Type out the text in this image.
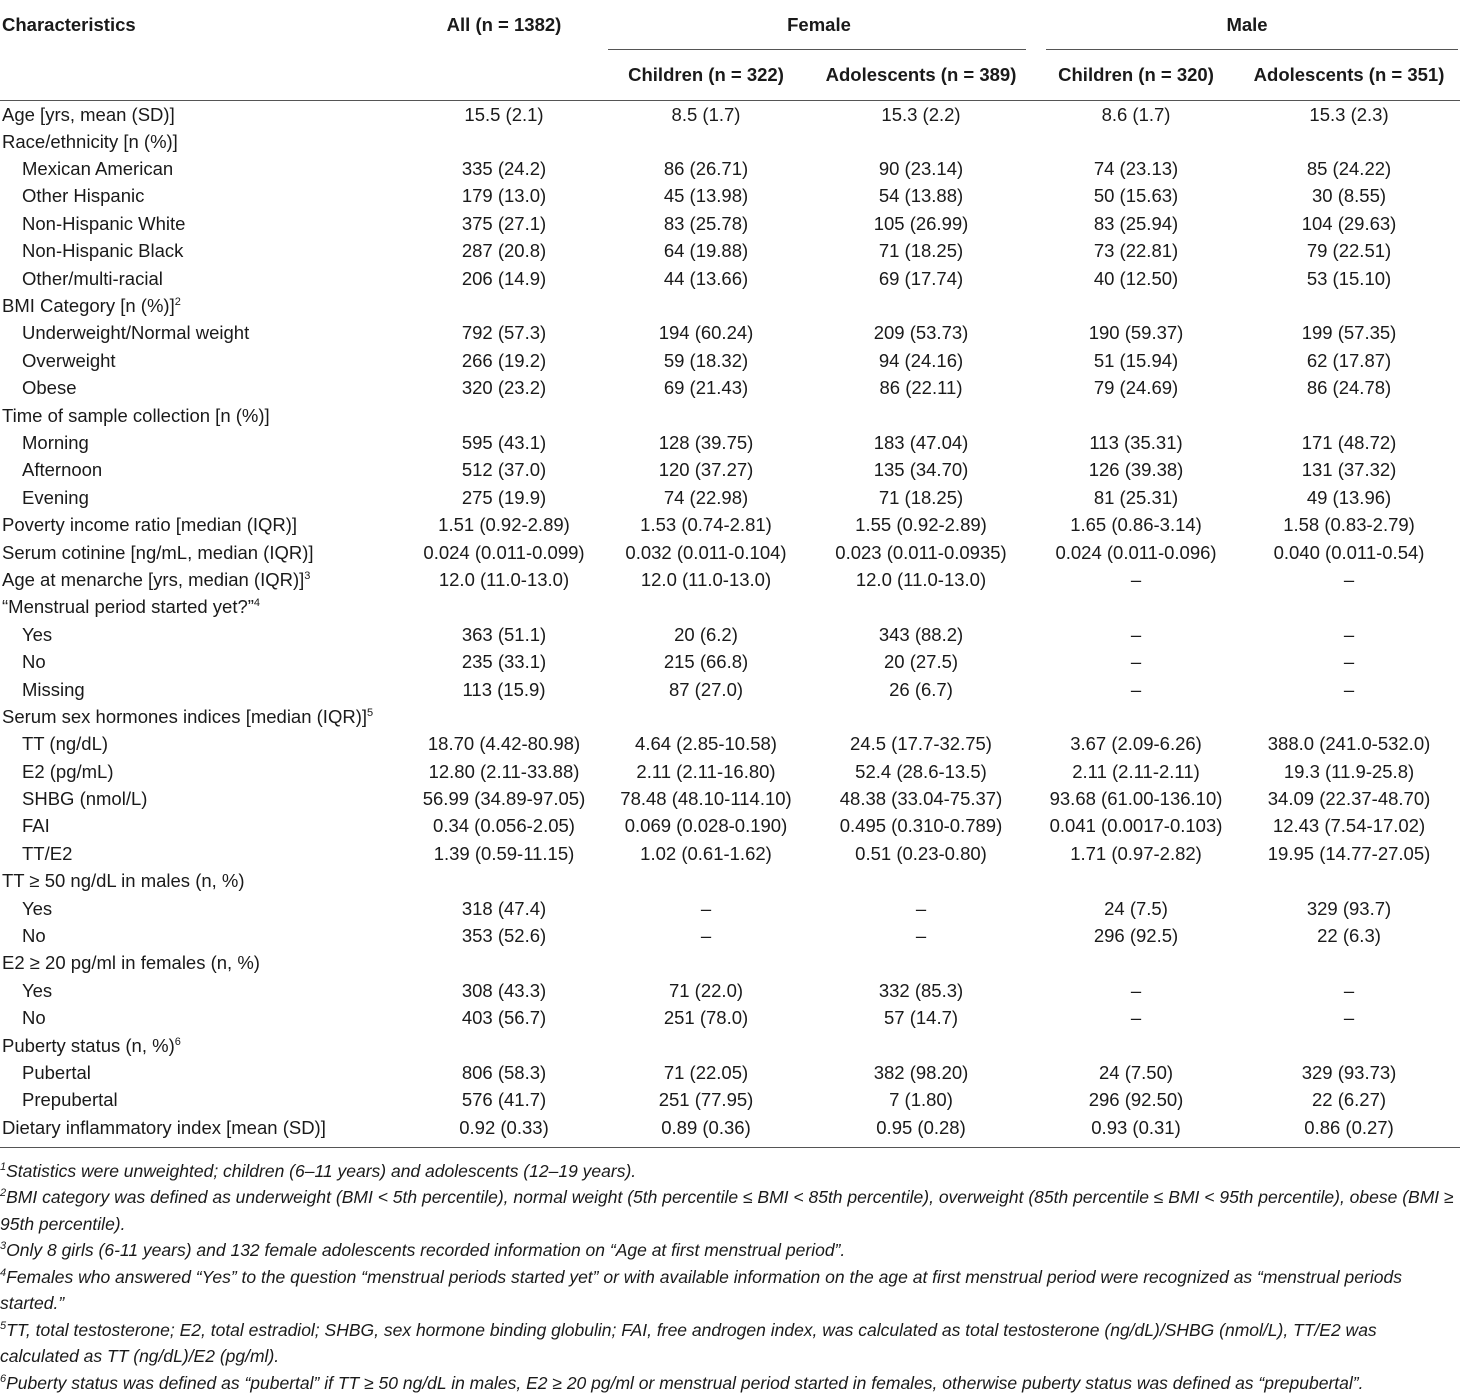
Characteristics	All (n = 1382)	Female		Male	
		Children (n = 322)	Adolescents (n = 389)	Children (n = 320)	Adolescents (n = 351)
Age [yrs, mean (SD)]	15.5 (2.1)	8.5 (1.7)	15.3 (2.2)	8.6 (1.7)	15.3 (2.3)
Race/ethnicity [n (%)]					
Mexican American	335 (24.2)	86 (26.71)	90 (23.14)	74 (23.13)	85 (24.22)
Other Hispanic	179 (13.0)	45 (13.98)	54 (13.88)	50 (15.63)	30 (8.55)
Non-Hispanic White	375 (27.1)	83 (25.78)	105 (26.99)	83 (25.94)	104 (29.63)
Non-Hispanic Black	287 (20.8)	64 (19.88)	71 (18.25)	73 (22.81)	79 (22.51)
Other/multi-racial	206 (14.9)	44 (13.66)	69 (17.74)	40 (12.50)	53 (15.10)
BMI Category [n (%)]$^2$					
Underweight/Normal weight	792 (57.3)	194 (60.24)	209 (53.73)	190 (59.37)	199 (57.35)
Overweight	266 (19.2)	59 (18.32)	94 (24.16)	51 (15.94)	62 (17.87)
Obese	320 (23.2)	69 (21.43)	86 (22.11)	79 (24.69)	86 (24.78)
Time of sample collection [n (%)]					
Morning	595 (43.1)	128 (39.75)	183 (47.04)	113 (35.31)	171 (48.72)
Afternoon	512 (37.0)	120 (37.27)	135 (34.70)	126 (39.38)	131 (37.32)
Evening	275 (19.9)	74 (22.98)	71 (18.25)	81 (25.31)	49 (13.96)
Poverty income ratio [median (IQR)]	1.51 (0.92-2.89)	1.53 (0.74-2.81)	1.55 (0.92-2.89)	1.65 (0.86-3.14)	1.58 (0.83-2.79)
Serum cotinine [ng/mL, median (IQR)]	0.024 (0.011-0.099)	0.032 (0.011-0.104)	0.023 (0.011-0.0935)	0.024 (0.011-0.096)	0.040 (0.011-0.54)
Age at menarche [yrs, median (IQR)]$^3$	12.0 (11.0-13.0)	12.0 (11.0-13.0)	12.0 (11.0-13.0)	–	–
“Menstrual period started yet?”$^4$					
Yes	363 (51.1)	20 (6.2)	343 (88.2)	–	–
No	235 (33.1)	215 (66.8)	20 (27.5)	–	–
Missing	113 (15.9)	87 (27.0)	26 (6.7)	–	–
Serum sex hormones indices [median (IQR)]$^5$					
TT (ng/dL)	18.70 (4.42-80.98)	4.64 (2.85-10.58)	24.5 (17.7-32.75)	3.67 (2.09-6.26)	388.0 (241.0-532.0)
E2 (pg/mL)	12.80 (2.11-33.88)	2.11 (2.11-16.80)	52.4 (28.6-13.5)	2.11 (2.11-2.11)	19.3 (11.9-25.8)
SHBG (nmol/L)	56.99 (34.89-97.05)	78.48 (48.10-114.10)	48.38 (33.04-75.37)	93.68 (61.00-136.10)	34.09 (22.37-48.70)
FAI	0.34 (0.056-2.05)	0.069 (0.028-0.190)	0.495 (0.310-0.789)	0.041 (0.0017-0.103)	12.43 (7.54-17.02)
TT/E2	1.39 (0.59-11.15)	1.02 (0.61-1.62)	0.51 (0.23-0.80)	1.71 (0.97-2.82)	19.95 (14.77-27.05)
TT ≥ 50 ng/dL in males (n, %)					
Yes	318 (47.4)	–	–	24 (7.5)	329 (93.7)
No	353 (52.6)	–	–	296 (92.5)	22 (6.3)
E2 ≥ 20 pg/ml in females (n, %)					
Yes	308 (43.3)	71 (22.0)	332 (85.3)	–	–
No	403 (56.7)	251 (78.0)	57 (14.7)	–	–
Puberty status (n, %)$^6$					
Pubertal	806 (58.3)	71 (22.05)	382 (98.20)	24 (7.50)	329 (93.73)
Prepubertal	576 (41.7)	251 (77.95)	7 (1.80)	296 (92.50)	22 (6.27)
Dietary inflammatory index [mean (SD)]	0.92 (0.33)	0.89 (0.36)	0.95 (0.28)	0.93 (0.31)	0.86 (0.27)
$^1$Statistics were unweighted; children (6–11 years) and adolescents (12–19 years).
$^2$BMI category was defined as underweight (BMI < 5th percentile), normal weight (5th percentile ≤ BMI < 85th percentile), overweight (85th percentile ≤ BMI < 95th percentile), obese (BMI ≥ 95th percentile).
$^3$Only 8 girls (6-11 years) and 132 female adolescents recorded information on “Age at first menstrual period”.
$^4$Females who answered “Yes” to the question “menstrual periods started yet” or with available information on the age at first menstrual period were recognized as “menstrual periods started.”
$^5$TT, total testosterone; E2, total estradiol; SHBG, sex hormone binding globulin; FAI, free androgen index, was calculated as total testosterone (ng/dL)/SHBG (nmol/L), TT/E2 was calculated as TT (ng/dL)/E2 (pg/ml).
$^6$Puberty status was defined as “pubertal” if TT ≥ 50 ng/dL in males, E2 ≥ 20 pg/ml or menstrual period started in females, otherwise puberty status was defined as “prepubertal”.
